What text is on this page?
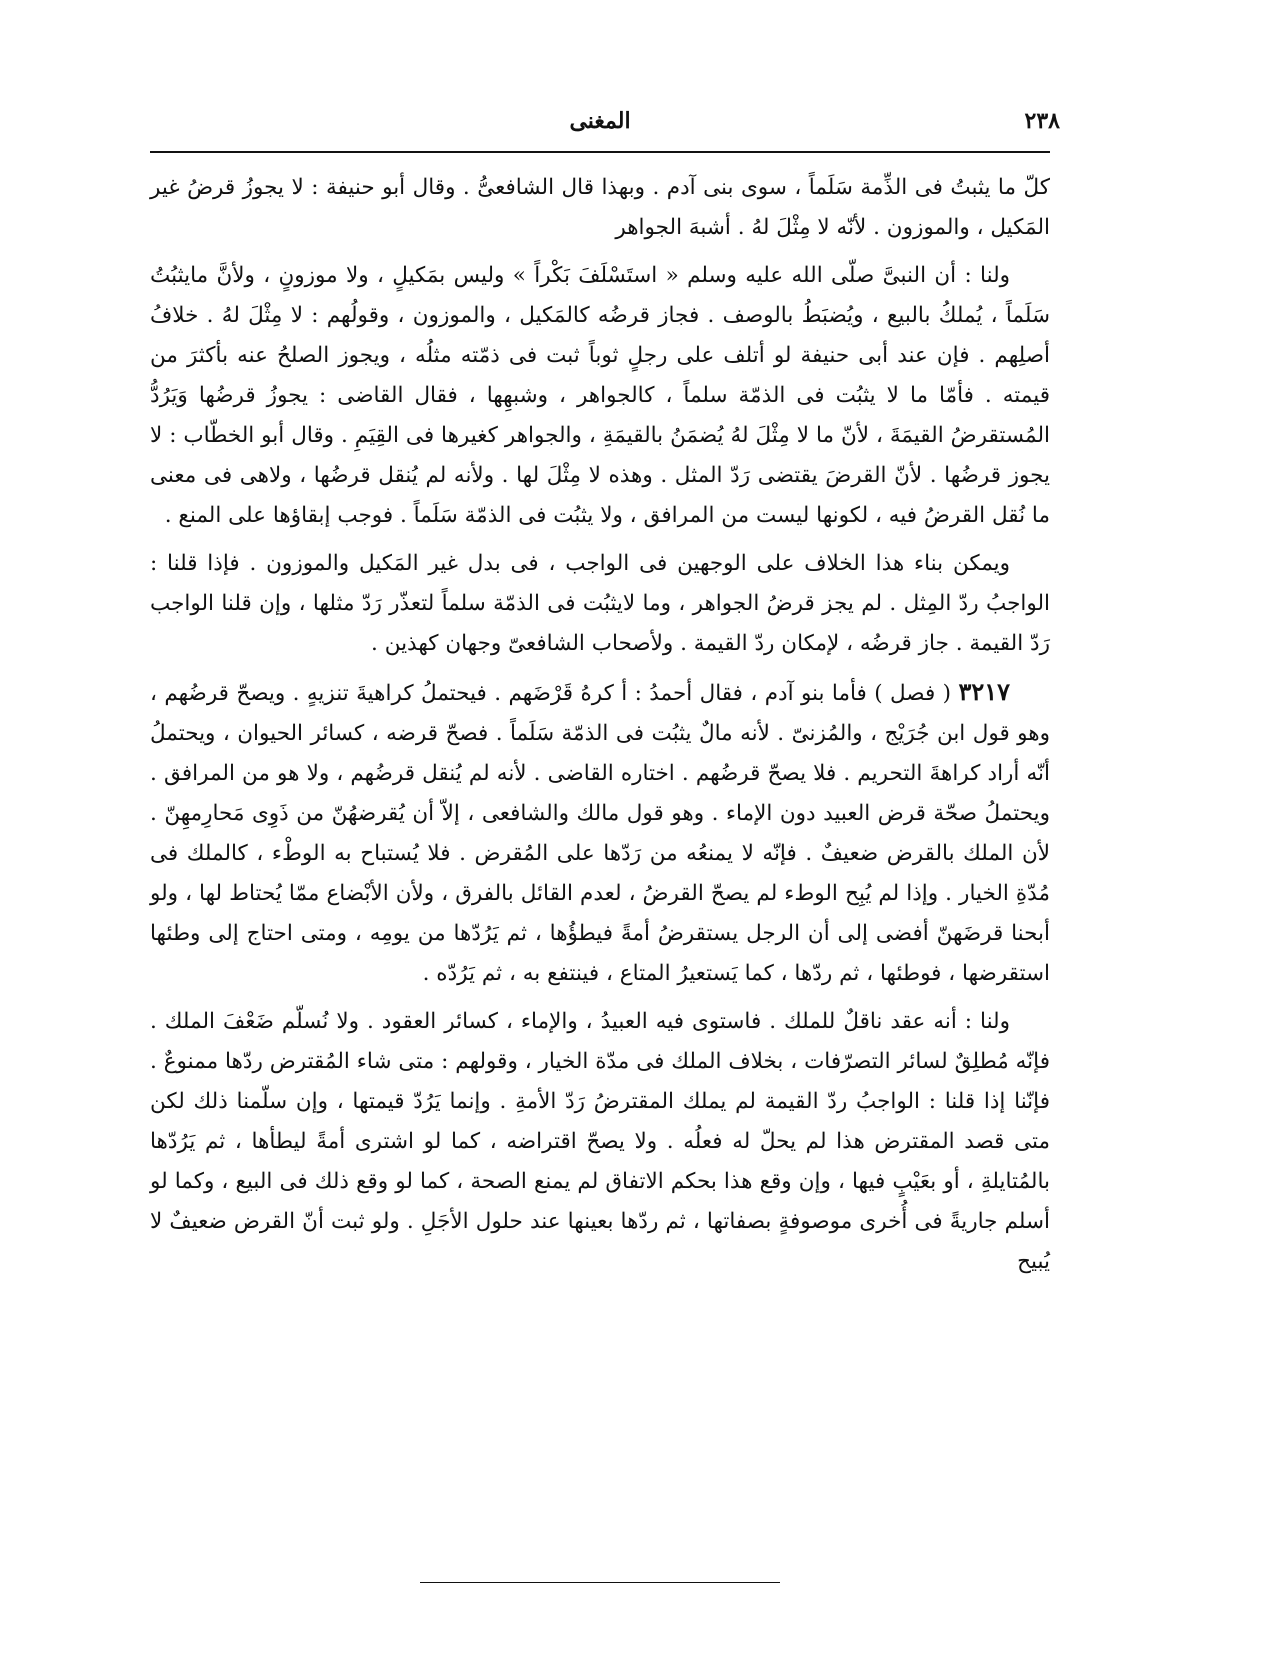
٢٣٨
المغنى

كلّ ما يثبتُ فى الذِّمة سَلَماً ، سوى بنى آدم . وبهذا قال الشافعىُّ . وقال أبو حنيفة : لا يجوزُ قرضُ غير المَكيل ، والموزون . لأنّه لا مِثْلَ لهُ . أشبهَ الجواهر

ولنا : أن النبىَّ صلّى الله عليه وسلم « استَسْلَفَ بَكْراً » وليس بمَكيلٍ ، ولا موزونٍ ، ولأنَّ مايثبُتُ سَلَماً ، يُملكُ بالبيع ، ويُضبَطُ بالوصف . فجاز قرضُه كالمَكيل ، والموزون ، وقولُهم : لا مِثْلَ لهُ . خلافُ أصلِهم . فإن عند أبى حنيفة لو أتلف على رجلٍ ثوباً ثبت فى ذمّته مثلُه ، ويجوز الصلحُ عنه بأكثرَ من قيمته . فأمّا ما لا يثبُت فى الذمّة سلماً ، كالجواهر ، وشبهِها ، فقال القاضى : يجوزُ قرضُها وَيَرُدُّ المُستقرضُ القيمَةَ ، لأنّ ما لا مِثْلَ لهُ يُضمَنُ بالقيمَةِ ، والجواهر كغيرها فى القِيَمِ . وقال أبو الخطّاب : لا يجوز قرضُها . لأنّ القرضَ يقتضى رَدّ المثل . وهذه لا مِثْلَ لها . ولأنه لم يُنقل قرضُها ، ولاهى فى معنى ما نُقل القرضُ فيه ، لكونها ليست من المرافق ، ولا يثبُت فى الذمّة سَلَماً . فوجب إبقاؤها على المنع .

ويمكن بناء هذا الخلاف على الوجهين فى الواجب ، فى بدل غير المَكيل والموزون . فإذا قلنا : الواجبُ ردّ المِثل . لم يجز قرضُ الجواهر ، وما لايثبُت فى الذمّة سلماً لتعذّر رَدّ مثلها ، وإن قلنا الواجب رَدّ القيمة . جاز قرضُه ، لإمكان ردّ القيمة . ولأصحاب الشافعىّ وجهان كهذين .

٣٢١٧ ( فصل ) فأما بنو آدم ، فقال أحمدُ : أ كرهُ قَرْضَهم . فيحتملُ كراهيةَ تنزيهٍ . ويصحّ قرضُهم ، وهو قول ابن جُرَيْج ، والمُزنىّ . لأنه مالٌ يثبُت فى الذمّة سَلَماً . فصحّ قرضه ، كسائر الحيوان ، ويحتملُ أنّه أراد كراهةَ التحريم . فلا يصحّ قرضُهم . اختاره القاضى . لأنه لم يُنقل قرضُهم ، ولا هو من المرافق . ويحتملُ صحّة قرض العبيد دون الإماء . وهو قول مالك والشافعى ، إلاّ أن يُقرضهُنّ من ذَوِى مَحارِمهِنّ . لأن الملك بالقرض ضعيفٌ . فإنّه لا يمنعُه من رَدّها على المُقرض . فلا يُستباح به الوطْء ، كالملك فى مُدّةِ الخيار . وإذا لم يُبِح الوطء لم يصحّ القرضُ ، لعدم القائل بالفرق ، ولأن الأبْضاع ممّا يُحتاط لها ، ولو أبحنا قرضَهنّ أفضى إلى أن الرجل يستقرضُ أمةً فيطؤُها ، ثم يَرُدّها من يومِه ، ومتى احتاج إلى وطئها استقرضها ، فوطئها ، ثم ردّها ، كما يَستعيرُ المتاع ، فينتفع به ، ثم يَرُدّه .

ولنا : أنه عقد ناقلٌ للملك . فاستوى فيه العبيدُ ، والإماء ، كسائر العقود . ولا نُسلّم ضَعْفَ الملك . فإنّه مُطلِقٌ لسائر التصرّفات ، بخلاف الملك فى مدّة الخيار ، وقولهم : متى شاء المُقترض ردّها ممنوعٌ . فإنّنا إذا قلنا : الواجبُ ردّ القيمة لم يملك المقترضُ رَدّ الأمةِ . وإنما يَرُدّ قيمتها ، وإن سلّمنا ذلك لكن متى قصد المقترض هذا لم يحلّ له فعلُه . ولا يصحّ اقتراضه ، كما لو اشترى أمةً ليطأها ، ثم يَرُدّها بالمُتايلةِ ، أو بعَيْبٍ فيها ، وإن وقع هذا بحكم الاتفاق لم يمنع الصحة ، كما لو وقع ذلك فى البيع ، وكما لو أسلم جاريةً فى أُخرى موصوفةٍ بصفاتها ، ثم ردّها بعينها عند حلول الأجَلِ . ولو ثبت أنّ القرض ضعيفٌ لا يُبيح
